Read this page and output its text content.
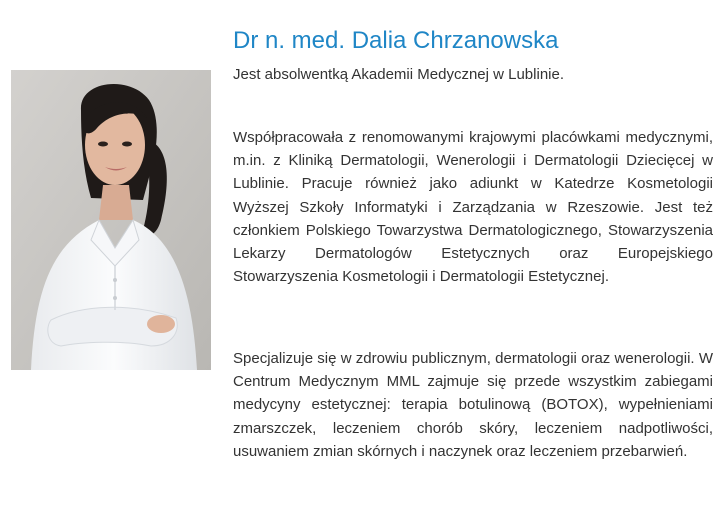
Dr n. med. Dalia Chrzanowska

Jest absolwentką Akademii Medycznej w Lublinie.

Współpracowała z renomowanymi krajowymi placówkami medycznymi, m.in. z Kliniką Dermatologii, Wenerologii i Dermatologii Dziecięcej w Lublinie. Pracuje również jako adiunkt w Katedrze Kosmetologii Wyższej Szkoły Informatyki i Zarządzania w Rzeszowie. Jest też członkiem Polskiego Towarzystwa Dermatologicznego, Stowarzyszenia Lekarzy Dermatologów Estetycznych oraz Europejskiego Stowarzyszenia Kosmetologii i Dermatologii Estetycznej.

Specjalizuje się w zdrowiu publicznym, dermatologii oraz wenerologii. W Centrum Medycznym MML zajmuje się przede wszystkim zabiegami medycyny estetycznej: terapia botulinową (BOTOX), wypełnieniami zmarszczek, leczeniem chorób skóry, leczeniem nadpotliwości, usuwaniem zmian skórnych i naczynek oraz leczeniem przebarwień.
